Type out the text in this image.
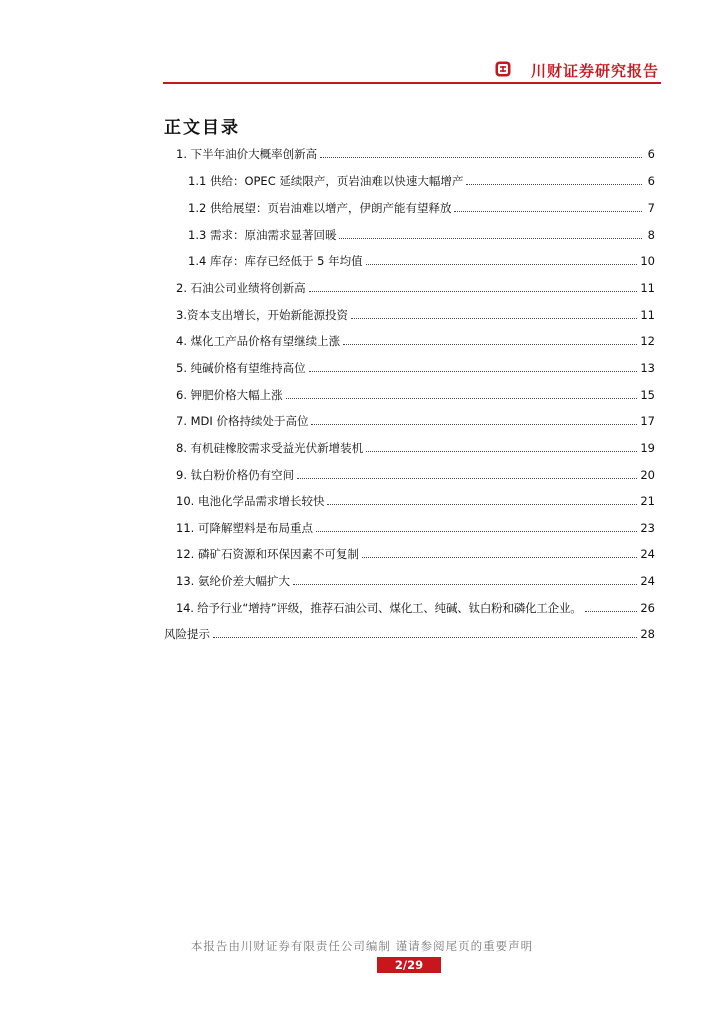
川财证券研究报告
正文目录
1. 下半年油价大概率创新高	6
1.1 供给：OPEC 延续限产，页岩油难以快速大幅增产	6
1.2 供给展望：页岩油难以增产，伊朗产能有望释放	7
1.3 需求：原油需求显著回暖	8
1.4 库存：库存已经低于 5 年均值	10
2. 石油公司业绩将创新高	11
3.资本支出增长，开始新能源投资	11
4. 煤化工产品价格有望继续上涨	12
5. 纯碱价格有望维持高位	13
6. 钾肥价格大幅上涨	15
7. MDI 价格持续处于高位	17
8. 有机硅橡胶需求受益光伏新增装机	19
9. 钛白粉价格仍有空间	20
10. 电池化学品需求增长较快	21
11. 可降解塑料是布局重点	23
12. 磷矿石资源和环保因素不可复制	24
13. 氨纶价差大幅扩大	24
14. 给予行业“增持”评级，推荐石油公司、煤化工、纯碱、钛白粉和磷化工企业。	26
风险提示	28
本报告由川财证券有限责任公司编制 谨请参阅尾页的重要声明
2/29
